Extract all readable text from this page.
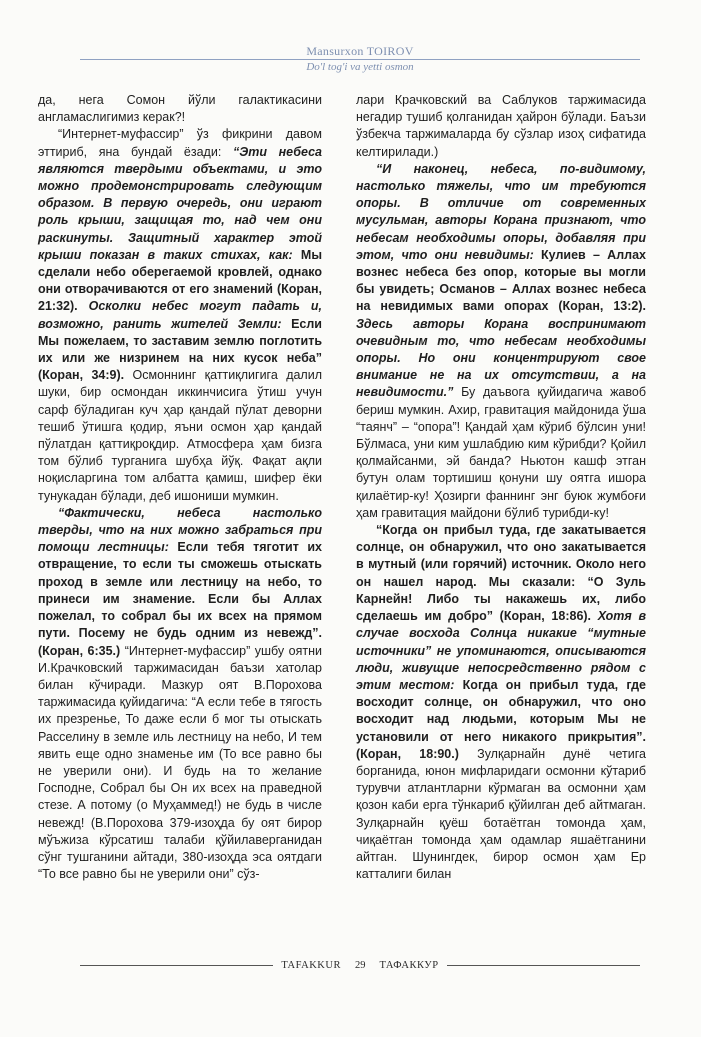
Mansurxon TOIROV
Do'l tog'i va yetti osmon

да, нега Сомон йўли галактикасини англамаслигимиз керак?!

“Интернет-муфассир” ўз фикрини давом эттириб, яна бундай ёзади: “Эти небеса являются твердыми объектами, и это можно продемонстрировать следующим образом. В первую очередь, они играют роль крыши, защищая то, над чем они раскинуты. Защитный характер этой крыши показан в таких стихах, как: Мы сделали небо оберегаемой кровлей, однако они отворачиваются от его знамений (Коран, 21:32). Осколки небес могут падать и, возможно, ранить жителей Земли: Если Мы пожелаем, то заставим землю поглотить их или же низринем на них кусок неба” (Коран, 34:9). Осмоннинг қаттиқлигига далил шуки, бир осмондан иккинчисига ўтиш учун сарф бўладиган куч ҳар қандай пўлат деворни тешиб ўтишга қодир, яъни осмон ҳар қандай пўлатдан қаттиқроқдир. Атмосфера ҳам бизга том бўлиб турганига шубҳа йўқ. Фақат ақли ноқисларгина том албатта қамиш, шифер ёки тунукадан бўлади, деб ишониши мумкин.

“Фактически, небеса настолько тверды, что на них можно забраться при помощи лестницы: Если тебя тяготит их отвращение, то если ты сможешь отыскать проход в земле или лестницу на небо, то принеси им знамение. Если бы Аллах пожелал, то собрал бы их всех на прямом пути. Посему не будь одним из невежд”. (Коран, 6:35.) “Интернет-муфассир” ушбу оятни И.Крачковский таржимасидан баъзи хатолар билан кўчиради. Мазкур оят В.Порохова таржимасида қуйидагича: “А если тебе в тягость их презренье, То даже если б мог ты отыскать Расселину в земле иль лестницу на небо, И тем явить еще одно знаменье им (То все равно бы не уверили они). И будь на то желание Господне, Собрал бы Он их всех на праведной стезе. А потому (о Муҳаммед!) не будь в числе невежд! (В.Порохова 379-изоҳда бу оят бирор мўъжиза кўрсатиш талаби қўйилаверганидан сўнг тушганини айтади, 380-изоҳда эса оятдаги “То все равно бы не уверили они” сўз-

лари Крачковский ва Саблуков таржимасида негадир тушиб қолганидан ҳайрон бўлади. Баъзи ўзбекча таржималарда бу сўзлар изоҳ сифатида келтирилади.)

“И наконец, небеса, по-видимому, настолько тяжелы, что им требуются опоры. В отличие от современных мусульман, авторы Корана признают, что небесам необходимы опоры, добавляя при этом, что они невидимы: Кулиев – Аллах вознес небеса без опор, которые вы могли бы увидеть; Османов – Аллах вознес небеса на невидимых вами опорах (Коран, 13:2). Здесь авторы Корана воспринимают очевидным то, что небесам необходимы опоры. Но они концентрируют свое внимание не на их отсутствии, а на невидимости.” Бу даъвога қуйидагича жавоб бериш мумкин. Ахир, гравитация майдонида ўша “таянч” – “опора”! Қандай ҳам кўриб бўлсин уни! Бўлмаса, уни ким ушлабдию ким кўрибди? Қойил қолмайсанми, эй банда? Ньютон кашф этган бутун олам тортишиш қонуни шу оятга ишора қилаётир-ку! Ҳозирги фаннинг энг буюк жумбоғи ҳам гравитация майдони бўлиб турибди-ку!

“Когда он прибыл туда, где закатывается солнце, он обнаружил, что оно закатывается в мутный (или горячий) источник. Около него он нашел народ. Мы сказали: “О Зуль Карнейн! Либо ты накажешь их, либо сделаешь им добро” (Коран, 18:86). Хотя в случае восхода Солнца никакие “мутные источники” не упоминаются, описываются люди, живущие непосредственно рядом с этим местом: Когда он прибыл туда, где восходит солнце, он обнаружил, что оно восходит над людьми, которым Мы не установили от него никакого прикрытия”. (Коран, 18:90.) Зулқарнайн дунё четига борганида, юнон мифларидаги осмонни кўтариб турувчи атлантларни кўрмаган ва осмонни ҳам қозон каби ерга тўнкариб қўйилган деб айтмаган. Зулқарнайн қуёш ботаётган томонда ҳам, чиқаётган томонда ҳам одамлар яшаётганини айтган. Шунингдек, бирор осмон ҳам Ер катталиги билан

TAFAKKUR	29	ТАФАККУР
